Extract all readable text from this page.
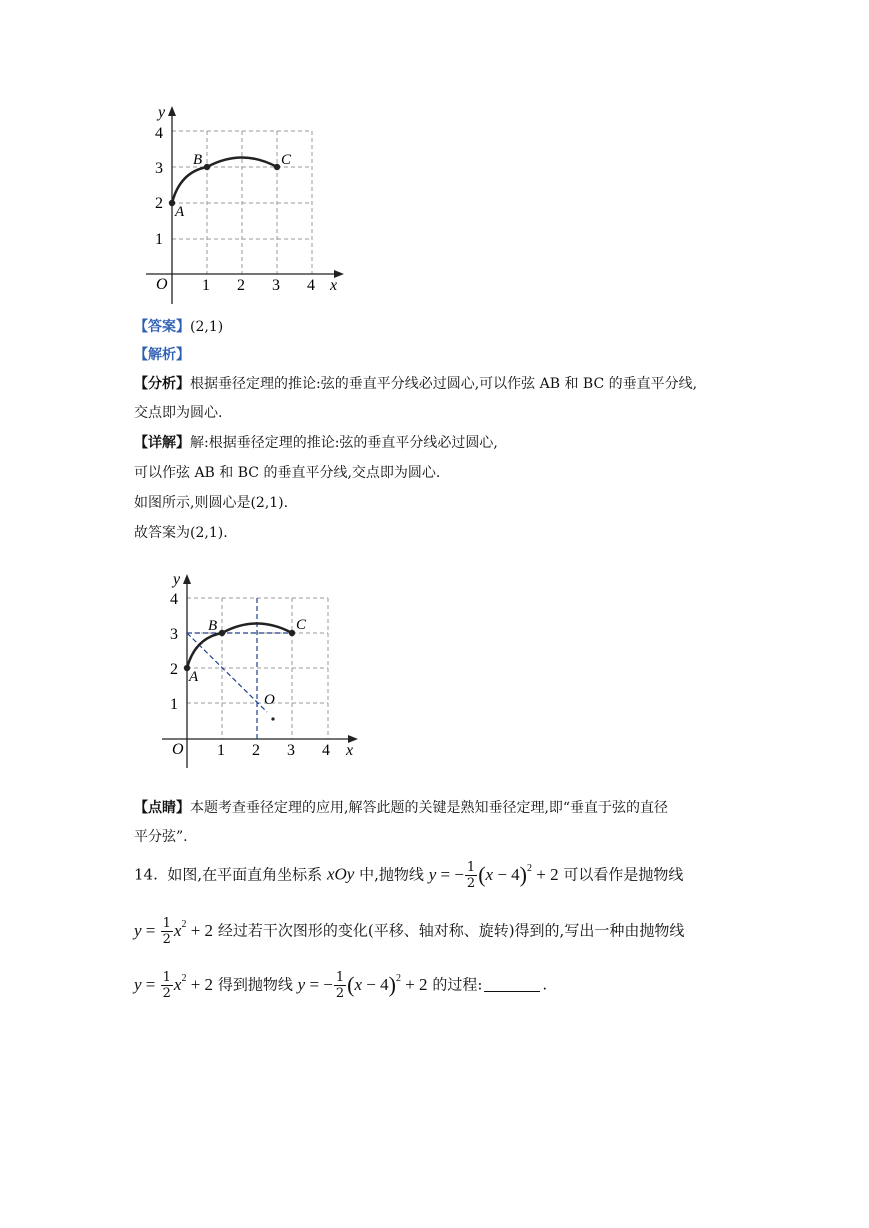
y
x
O
1
2
3
4
1 2 3 4
A
B	C
【答案】(2,1)
【解析】
【分析】根据垂径定理的推论:弦的垂直平分线必过圆心,可以作弦 AB 和 BC 的垂直平分线,
交点即为圆心.
【详解】解:根据垂径定理的推论:弦的垂直平分线必过圆心,
可以作弦 AB 和 BC 的垂直平分线,交点即为圆心.
如图所示,则圆心是(2,1).
故答案为(2,1).
y
x
O
1
2
3
4
1 2 3 4
A
B	C
O
【点睛】本题考查垂径定理的应用,解答此题的关键是熟知垂径定理,即“垂直于弦的直径
平分弦”.
14. 如图,在平面直角坐标系 xOy 中,抛物线 y = − $\frac{1}{2} (x - 4)^2 + 2$ 可以看作是抛物线
$y = \frac{1}{2} x^2 + 2$ 经过若干次图形的变化(平移、轴对称、旋转)得到的,写出一种由抛物线
$y = \frac{1}{2} x^2 + 2$ 得到抛物线 y = − $\frac{1}{2} (x - 4)^2 + 2$ 的过程:	.
